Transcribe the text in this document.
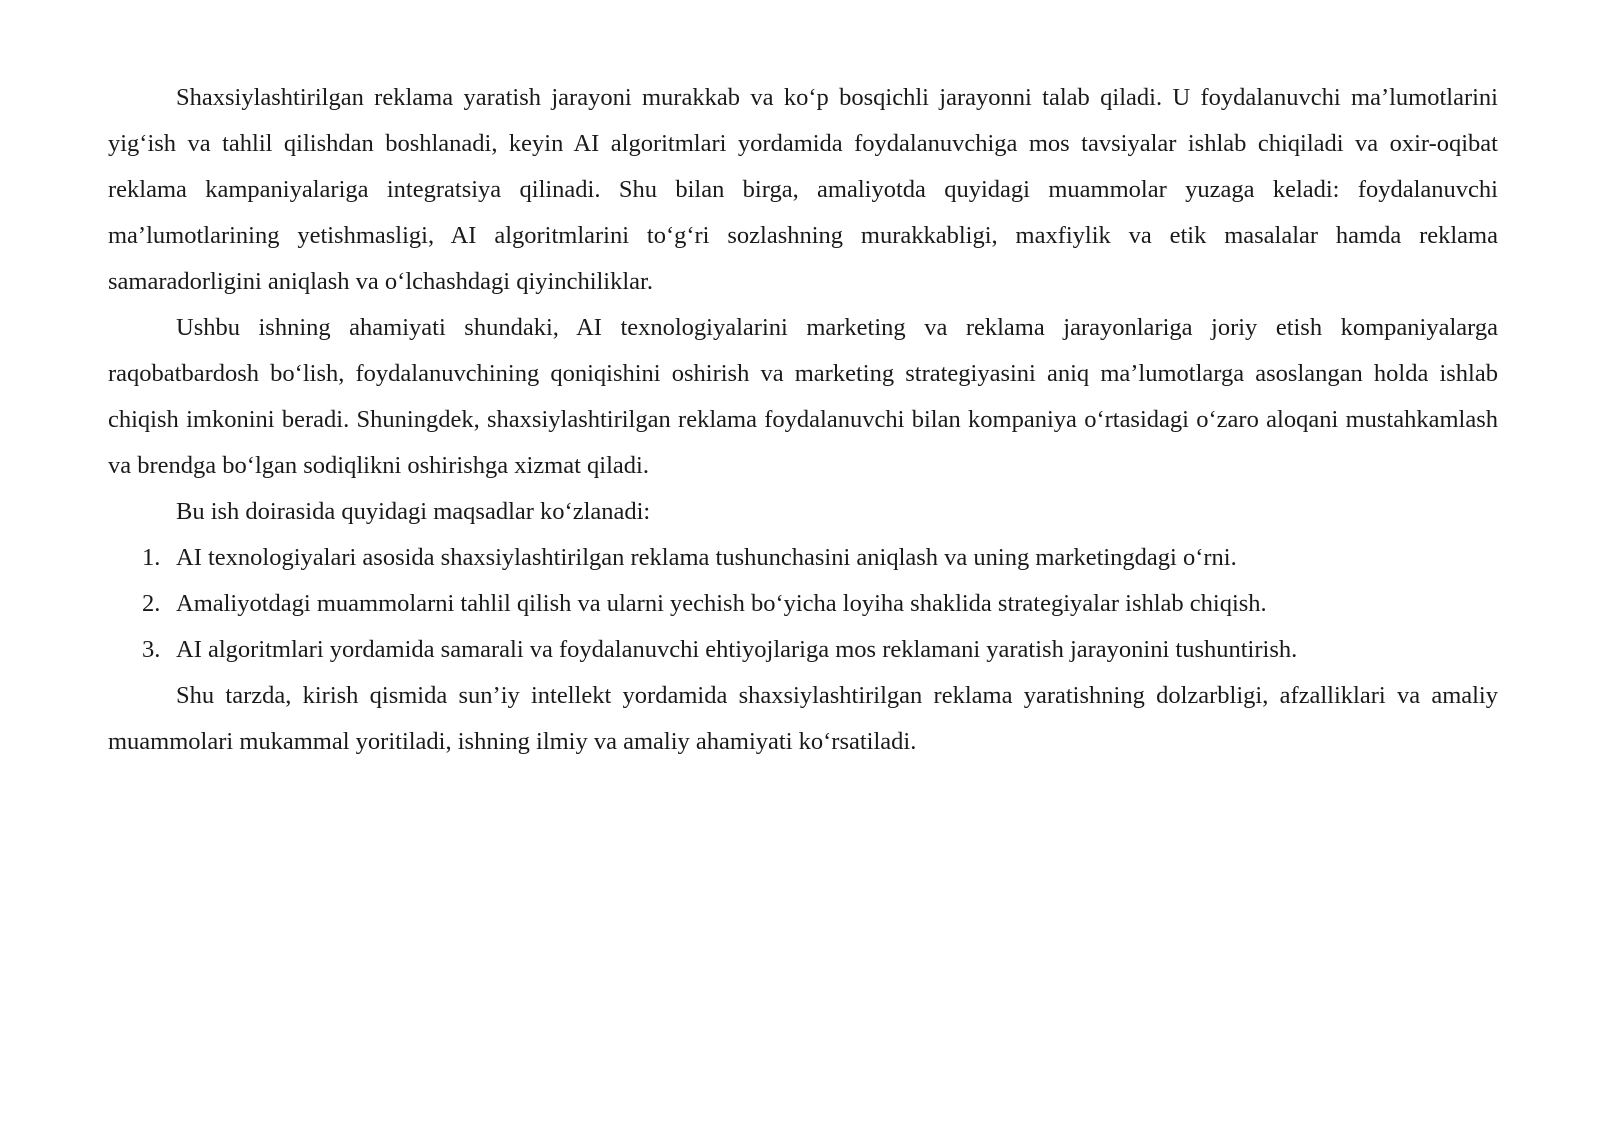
Shaxsiylashtirilgan reklama yaratish jarayoni murakkab va ko‘p bosqichli jarayonni talab qiladi. U foydalanuvchi ma’lumotlarini yig‘ish va tahlil qilishdan boshlanadi, keyin AI algoritmlari yordamida foydalanuvchiga mos tavsiyalar ishlab chiqiladi va oxir-oqibat reklama kampaniyalariga integratsiya qilinadi. Shu bilan birga, amaliyotda quyidagi muammolar yuzaga keladi: foydalanuvchi ma’lumotlarining yetishmasligi, AI algoritmlarini to‘g‘ri sozlashning murakkabligi, maxfiylik va etik masalalar hamda reklama samaradorligini aniqlash va o‘lchashdagi qiyinchiliklar.

Ushbu ishning ahamiyati shundaki, AI texnologiyalarini marketing va reklama jarayonlariga joriy etish kompaniyalarga raqobatbardosh bo‘lish, foydalanuvchining qoniqishini oshirish va marketing strategiyasini aniq ma’lumotlarga asoslangan holda ishlab chiqish imkonini beradi. Shuningdek, shaxsiylashtirilgan reklama foydalanuvchi bilan kompaniya o‘rtasidagi o‘zaro aloqani mustahkamlash va brendga bo‘lgan sodiqlikni oshirishga xizmat qiladi.

Bu ish doirasida quyidagi maqsadlar ko‘zlanadi:

1. AI texnologiyalari asosida shaxsiylashtirilgan reklama tushunchasini aniqlash va uning marketingdagi o‘rni.
2. Amaliyotdagi muammolarni tahlil qilish va ularni yechish bo‘yicha loyiha shaklida strategiyalar ishlab chiqish.
3. AI algoritmlari yordamida samarali va foydalanuvchi ehtiyojlariga mos reklamani yaratish jarayonini tushuntirish.

Shu tarzda, kirish qismida sun’iy intellekt yordamida shaxsiylashtirilgan reklama yaratishning dolzarbligi, afzalliklari va amaliy muammolari mukammal yoritiladi, ishning ilmiy va amaliy ahamiyati ko‘rsatiladi.
